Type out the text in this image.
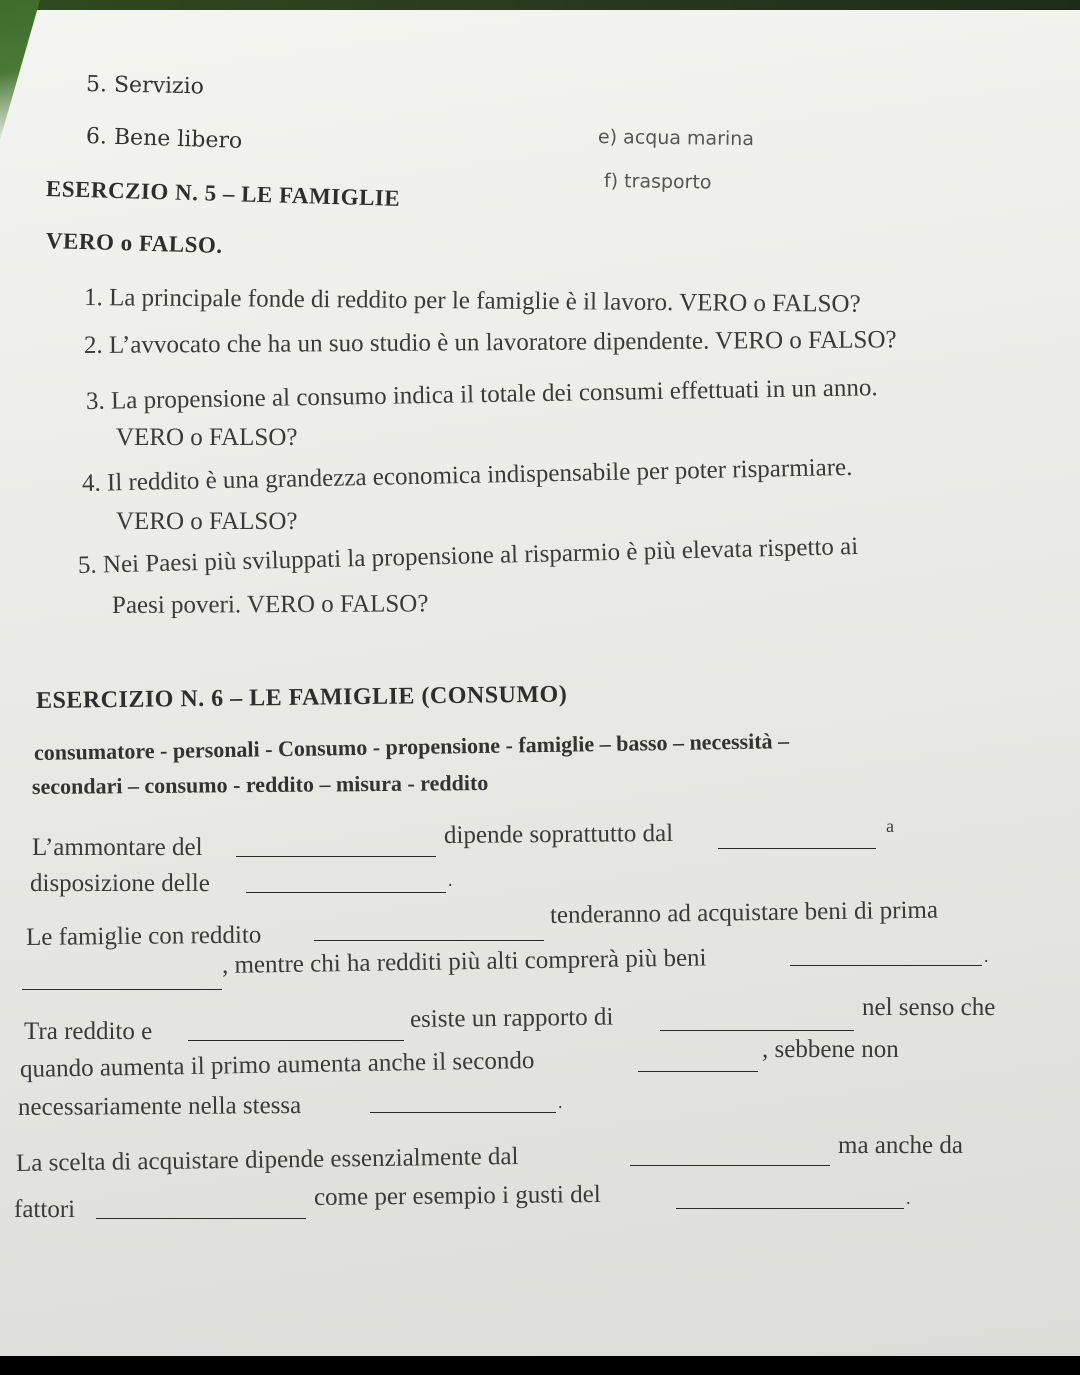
5. Servizio
6. Bene libero	e) acqua marina
f) trasporto
ESERCZIO N. 5 – LE FAMIGLIE
VERO o FALSO.
1. La principale fonde di reddito per le famiglie è il lavoro. VERO o FALSO?
2. L’avvocato che ha un suo studio è un lavoratore dipendente. VERO o FALSO?
3. La propensione al consumo indica il totale dei consumi effettuati in un anno.
VERO o FALSO?
4. Il reddito è una grandezza economica indispensabile per poter risparmiare.
VERO o FALSO?
5. Nei Paesi più sviluppati la propensione al risparmio è più elevata rispetto ai
Paesi poveri. VERO o FALSO?
ESERCIZIO N. 6 – LE FAMIGLIE (CONSUMO)
consumatore - personali - Consumo - propensione - famiglie – basso – necessità –
secondari – consumo - reddito – misura - reddito
L’ammontare del	dipende soprattutto dal	a
disposizione delle	.
Le famiglie con reddito
tenderanno ad acquistare beni di prima
, mentre chi ha redditi più alti comprerà più beni	.
Tra reddito e	esiste un rapporto di	nel senso che
quando aumenta il primo aumenta anche il secondo	, sebbene non
necessariamente nella stessa	.
La scelta di acquistare dipende essenzialmente dal	ma anche da
fattori	come per esempio i gusti del	.
